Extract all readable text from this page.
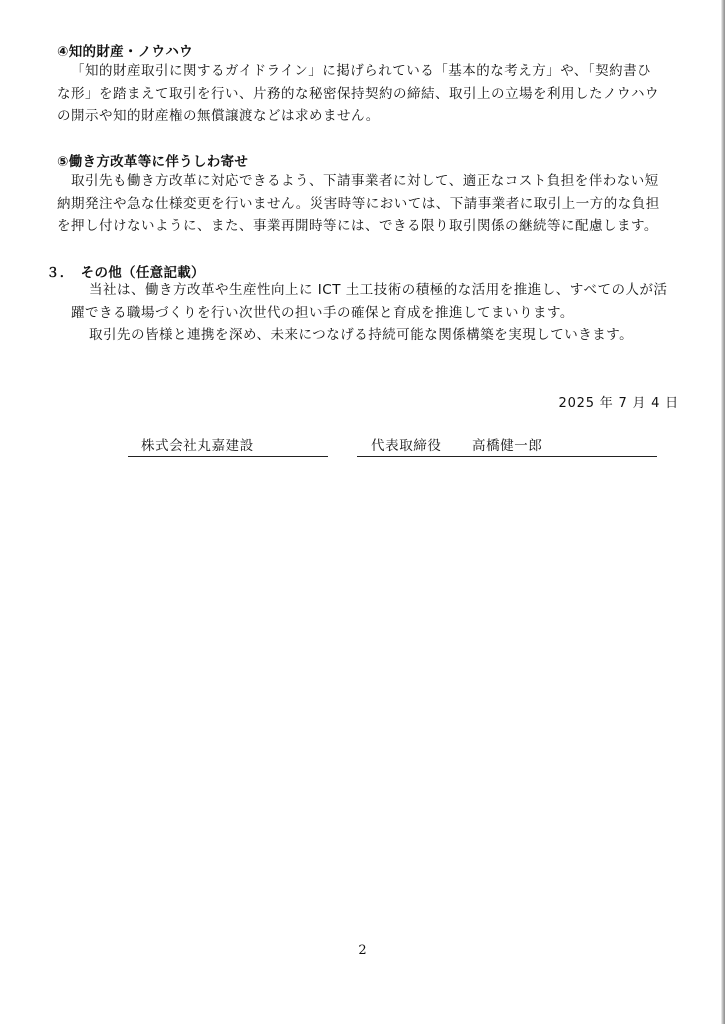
④知的財産・ノウハウ
「知的財産取引に関するガイドライン」に掲げられている「基本的な考え方」や、「契約書ひ
な形」を踏まえて取引を行い、片務的な秘密保持契約の締結、取引上の立場を利用したノウハウ
の開示や知的財産権の無償譲渡などは求めません。
⑤働き方改革等に伴うしわ寄せ
取引先も働き方改革に対応できるよう、下請事業者に対して、適正なコスト負担を伴わない短
納期発注や急な仕様変更を行いません。災害時等においては、下請事業者に取引上一方的な負担
を押し付けないように、また、事業再開時等には、できる限り取引関係の継続等に配慮します。
３．　その他（任意記載）
当社は、働き方改革や生産性向上に ICT 土工技術の積極的な活用を推進し、すべての人が活
躍できる職場づくりを行い次世代の担い手の確保と育成を推進してまいります。
取引先の皆様と連携を深め、未来につなげる持続可能な関係構築を実現していきます。
2025 年 7 月 4 日
株式会社丸嘉建設	代表取締役 高橋健一郎
2
